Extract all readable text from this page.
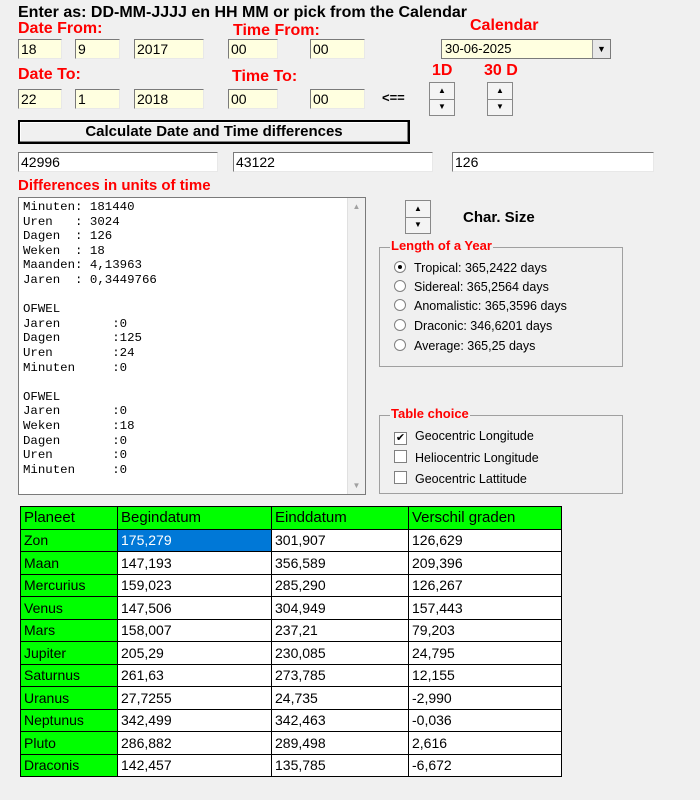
Enter as: DD-MM-JJJJ en HH MM or pick from the Calendar
Date From:	Time From:	Calendar
18	9	2017	00	00	30-06-2025	▼
Date To:	Time To:	1D 30 D
22	1	2018	00	00	<==	▲
▼
▲
▼
Calculate Date and Time differences
42996	43122	126
Differences in units of time
Minuten: 181440
Uren   : 3024
Dagen  : 126
Weken  : 18
Maanden: 4,13963
Jaren  : 0,3449766

OFWEL
Jaren       :0
Dagen       :125
Uren        :24
Minuten     :0

OFWEL
Jaren       :0
Weken       :18
Dagen       :0
Uren        :0
Minuten     :0
▲
▼
▲
▼	Char. Size
Length of a Year
Tropical: 365,2422 days
Sidereal: 365,2564 days
Anomalistic: 365,3596 days
Draconic: 346,6201 days
Average: 365,25 days
Table choice
✔ Geocentric Longitude
Heliocentric Longitude
Geocentric Lattitude
Planeet	Begindatum	Einddatum	Verschil graden
Zon	175,279	301,907	126,629
Maan	147,193	356,589	209,396
Mercurius	159,023	285,290	126,267
Venus	147,506	304,949	157,443
Mars	158,007	237,21	79,203
Jupiter	205,29	230,085	24,795
Saturnus	261,63	273,785	12,155
Uranus	27,7255	24,735	-2,990
Neptunus	342,499	342,463	-0,036
Pluto	286,882	289,498	2,616
Draconis	142,457	135,785	-6,672
